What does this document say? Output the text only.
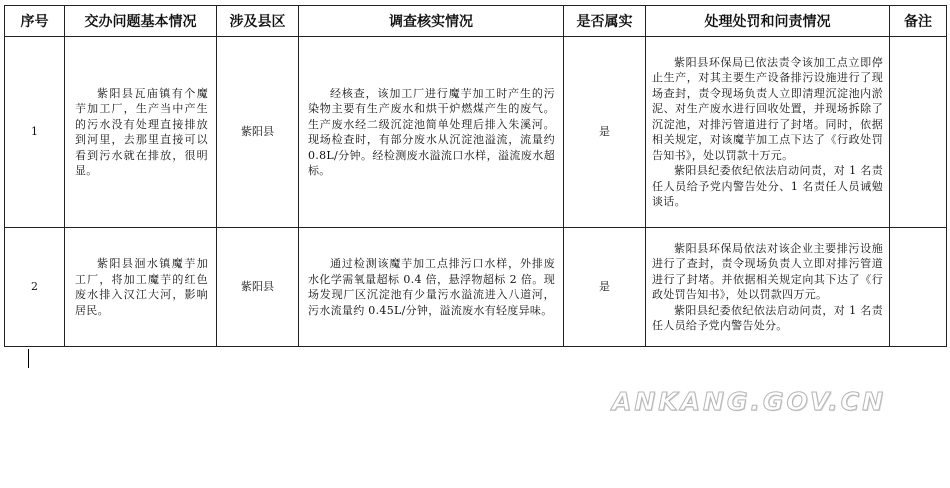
序号	交办问题基本情况	涉及县区	调查核实情况	是否属实	处理处罚和问责情况	备注
1	紫阳县瓦庙镇有个魔芋加工厂，生产当中产生的污水没有处理直接排放到河里，去那里直接可以看到污水就在排放，很明显。	紫阳县	经核查，该加工厂进行魔芋加工时产生的污染物主要有生产废水和烘干炉燃煤产生的废气。生产废水经二级沉淀池简单处理后排入朱溪河。现场检查时，有部分废水从沉淀池溢流，流量约 0.8L/分钟。经检测废水溢流口水样，溢流废水超标。	是	紫阳县环保局已依法责令该加工点立即停止生产，对其主要生产设备排污设施进行了现场查封，责令现场负责人立即清理沉淀池内淤泥、对生产废水进行回收处置，并现场拆除了沉淀池，对排污管道进行了封堵。同时，依据相关规定，对该魔芋加工点下达了《行政处罚告知书》，处以罚款十万元。

紫阳县纪委依纪依法启动问责，对 1 名责任人员给予党内警告处分、1 名责任人员诫勉谈话。	

2	紫阳县洄水镇魔芋加工厂，将加工魔芋的红色废水排入汉江大河，影响居民。	紫阳县	通过检测该魔芋加工点排污口水样，外排废水化学需氧量超标 0.4 倍，悬浮物超标 2 倍。现场发现厂区沉淀池有少量污水溢流进入八道河，污水流量约 0.45L/分钟，溢流废水有轻度异味。	是	紫阳县环保局依法对该企业主要排污设施进行了查封，责令现场负责人立即对排污管道进行了封堵。并依据相关规定向其下达了《行政处罚告知书》，处以罚款四万元。

紫阳县纪委依纪依法启动问责，对 1 名责任人员给予党内警告处分。	

ANKANG.GOV.CN
